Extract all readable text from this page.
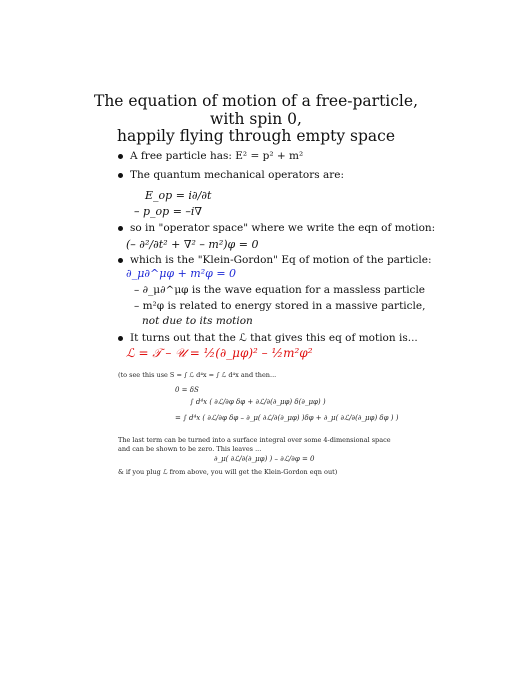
The equation of motion of a free-particle,
with spin 0,
happily flying through empty space
A free particle has: E² = p² + m²
The quantum mechanical operators are:
E_op = i∂/∂t
– p_op = –i∇
so in "operator space" where we write the eqn of motion:
(– ∂²/∂t² + ∇² – m²)φ = 0
which is the "Klein-Gordon" Eq of motion of the particle:
∂_μ∂^μφ + m²φ = 0
– ∂_μ∂^μφ is the wave equation for a massless particle
– m²φ is related to energy stored in a massive particle,
not due to its motion
It turns out that the ℒ that gives this eq of motion is...
ℒ = 𝒯 – 𝒰 = ½(∂_μφ)² – ½m²φ²
(to see this use S = ∫ ℒ d⁴x = ∫ ℒ d⁴x and then...
0 = δS
∫ d⁴x ( ∂ℒ/∂φ δφ + ∂ℒ/∂(∂_μφ) δ(∂_μφ) )
= ∫ d⁴x ( ∂ℒ/∂φ δφ – ∂_μ( ∂ℒ/∂(∂_μφ) )δφ + ∂_μ( ∂ℒ/∂(∂_μφ) δφ ) )
The last term can be turned into a surface integral over some 4-dimensional space and can be shown to be zero. This leaves ...
∂_μ( ∂ℒ/∂(∂_μφ) ) – ∂ℒ/∂φ = 0
& if you plug ℒ from above, you will get the Klein-Gordon eqn out)
